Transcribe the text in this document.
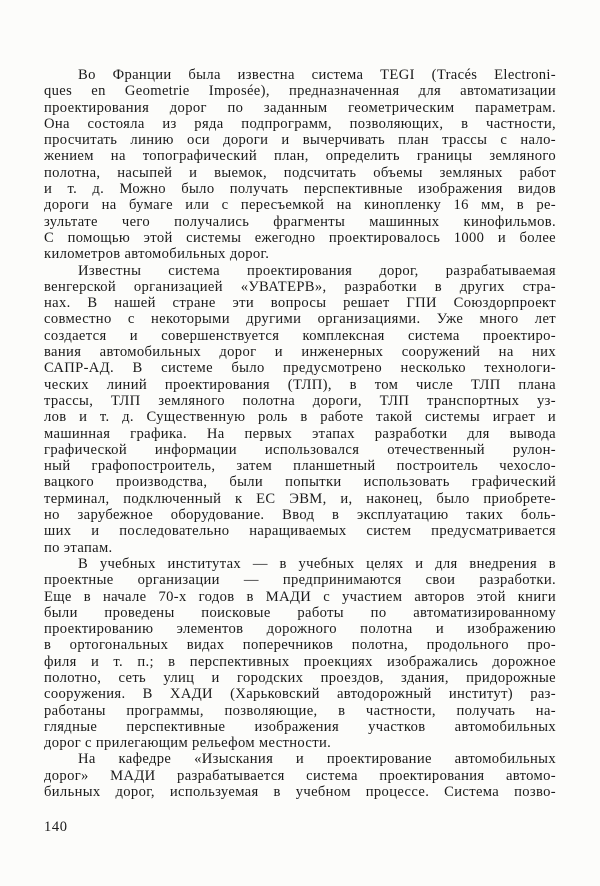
Во Франции была известна система TEGI (Tracés Electroni-
ques en Geometrie Imposée), предназначенная для автоматизации
проектирования дорог по заданным геометрическим параметрам.
Она состояла из ряда подпрограмм, позволяющих, в частности,
просчитать линию оси дороги и вычерчивать план трассы с нало-
жением на топографический план, определить границы земляного
полотна, насыпей и выемок, подсчитать объемы земляных работ
и т. д. Можно было получать перспективные изображения видов
дороги на бумаге или с пересъемкой на кинопленку 16 мм, в ре-
зультате чего получались фрагменты машинных кинофильмов.
С помощью этой системы ежегодно проектировалось 1000 и более
километров автомобильных дорог.
Известны система проектирования дорог, разрабатываемая
венгерской организацией «УВАТЕРВ», разработки в других стра-
нах. В нашей стране эти вопросы решает ГПИ Союздорпроект
совместно с некоторыми другими организациями. Уже много лет
создается и совершенствуется комплексная система проектиро-
вания автомобильных дорог и инженерных сооружений на них
САПР-АД. В системе было предусмотрено несколько технологи-
ческих линий проектирования (ТЛП), в том числе ТЛП плана
трассы, ТЛП земляного полотна дороги, ТЛП транспортных уз-
лов и т. д. Существенную роль в работе такой системы играет и
машинная графика. На первых этапах разработки для вывода
графической информации использовался отечественный рулон-
ный графопостроитель, затем планшетный построитель чехосло-
вацкого производства, были попытки использовать графический
терминал, подключенный к ЕС ЭВМ, и, наконец, было приобрете-
но зарубежное оборудование. Ввод в эксплуатацию таких боль-
ших и последовательно наращиваемых систем предусматривается
по этапам.
В учебных институтах — в учебных целях и для внедрения в
проектные организации — предпринимаются свои разработки.
Еще в начале 70-х годов в МАДИ с участием авторов этой книги
были проведены поисковые работы по автоматизированному
проектированию элементов дорожного полотна и изображению
в ортогональных видах поперечников полотна, продольного про-
филя и т. п.; в перспективных проекциях изображались дорожное
полотно, сеть улиц и городских проездов, здания, придорожные
сооружения. В ХАДИ (Харьковский автодорожный институт) раз-
работаны программы, позволяющие, в частности, получать на-
глядные перспективные изображения участков автомобильных
дорог с прилегающим рельефом местности.
На кафедре «Изыскания и проектирование автомобильных
дорог» МАДИ разрабатывается система проектирования автомо-
бильных дорог, используемая в учебном процессе. Система позво-
140
